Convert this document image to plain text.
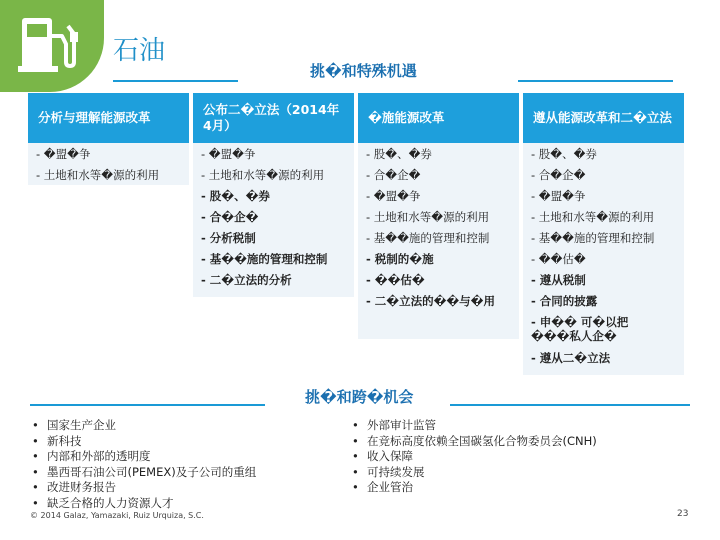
石油
挑�和特殊机遇
分析与理解能源改革
公布二�立法（2014年4月）
�施能源改革	遵从能源改革和二�立法
- �盟�争
- 土地和水等�源的利用
- �盟�争
- 土地和水等�源的利用
- 股�、�券
- 合�企�
- 分析税制
- 基��施的管理和控制
- 二�立法的分析
- 股�、�券
- 合�企�
- �盟�争
- 土地和水等�源的利用
- 基��施的管理和控制
- 税制的�施
- ��估�
- 二�立法的��与�用
- 股�、�券
- 合�企�
- �盟�争
- 土地和水等�源的利用
- 基��施的管理和控制
- ��估�
- 遵从税制
- 合同的披露
- 申�� 可�以把���私人企�
- 遵从二�立法
挑�和跨�机会
• 国家生产企业
• 新科技
• 内部和外部的透明度
• 墨西哥石油公司(PEMEX)及子公司的重组
• 改进财务报告
• 缺乏合格的人力资源人才
• 外部审计监管
• 在竞标高度依赖全国碳氢化合物委员会(CNH)
• 收入保障
• 可持续发展
• 企业管治
© 2014 Galaz, Yamazaki, Ruiz Urquiza, S.C.	23
